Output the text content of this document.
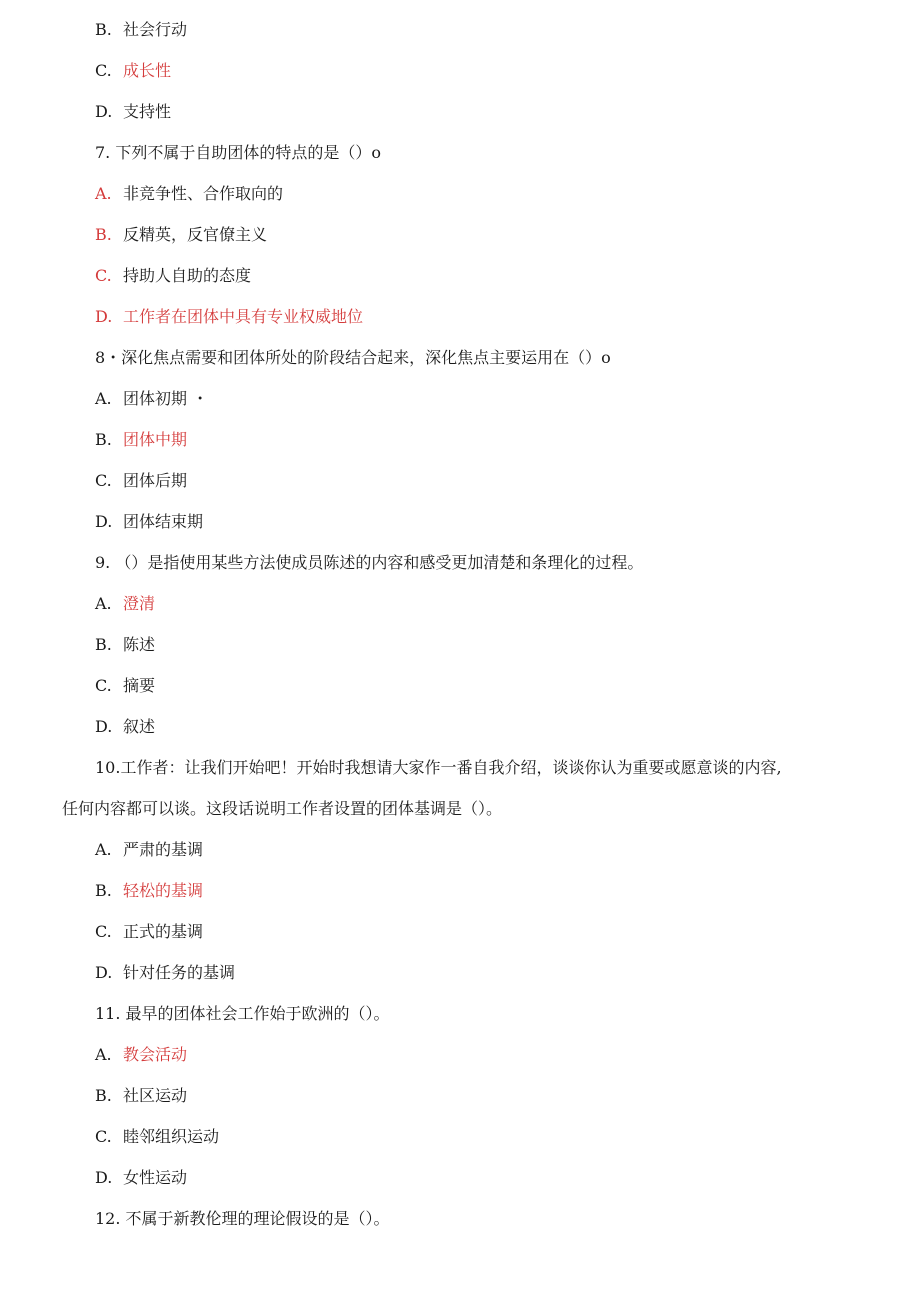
B. 社会行动
C. 成长性
D. 支持性
7. 下列不属于自助团体的特点的是（）o
A. 非竞争性、合作取向的
B. 反精英，反官僚主义
C. 持助人自助的态度
D. 工作者在团体中具有专业权威地位
8・深化焦点需要和团体所处的阶段结合起来，深化焦点主要运用在（）o
A. 团体初期 ・
B. 团体中期
C. 团体后期
D. 团体结束期
9. （）是指使用某些方法使成员陈述的内容和感受更加清楚和条理化的过程。
A. 澄清
B. 陈述
C. 摘要
D. 叙述
10.工作者：让我们开始吧！开始时我想请大家作一番自我介绍，谈谈你认为重要或愿意谈的内容,
任何内容都可以谈。这段话说明工作者设置的团体基调是（）。
A. 严肃的基调
B. 轻松的基调
C. 正式的基调
D. 针对任务的基调
11. 最早的团体社会工作始于欧洲的（）。
A. 教会活动
B. 社区运动
C. 睦邻组织运动
D. 女性运动
12. 不属于新教伦理的理论假设的是（）。
